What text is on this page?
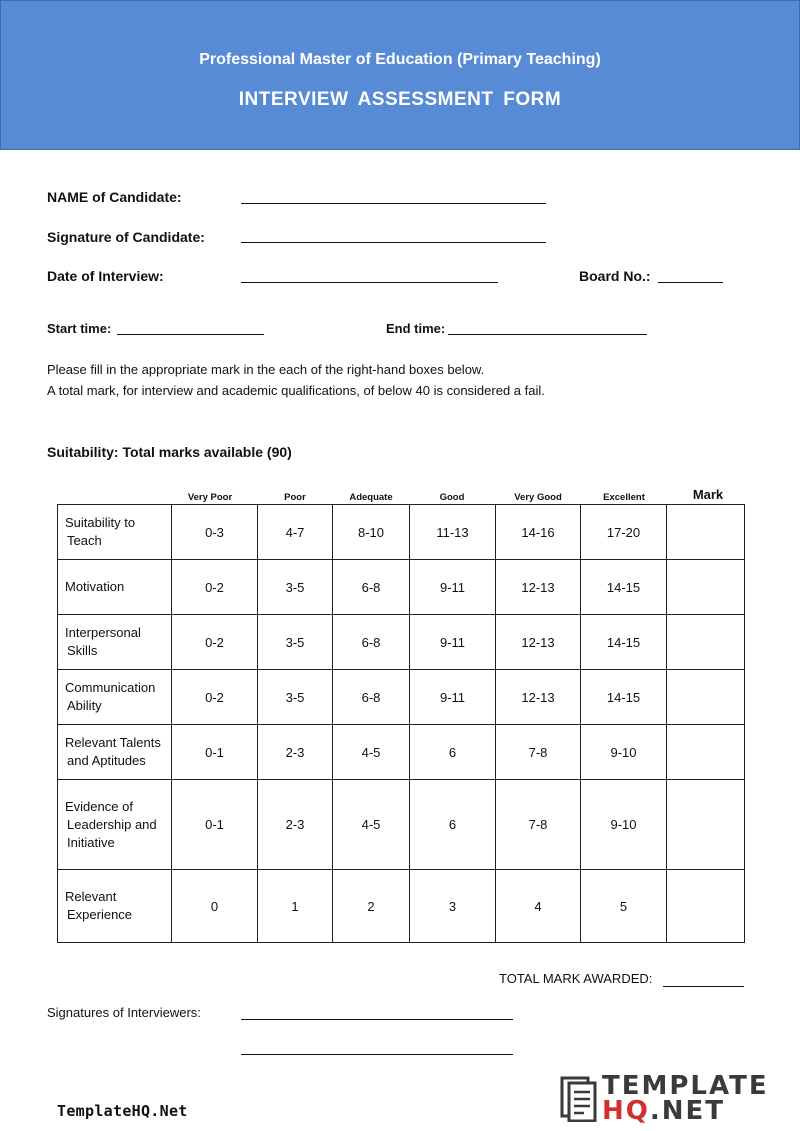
Professional Master of Education (Primary Teaching)
INTERVIEW ASSESSMENT FORM
NAME of Candidate:
Signature of Candidate:
Date of Interview:	Board No.:
Start time:	End time:
Please fill in the appropriate mark in the each of the right-hand boxes below.
A total mark, for interview and academic qualifications, of below 40 is considered a fail.
Suitability: Total marks available (90)
Very Poor	Poor	Adequate	Good	Very Good	Excellent	Mark
Suitability to
Teach	0-3	4-7	8-10	11-13	14-16	17-20	

Motivation	0-2	3-5	6-8	9-11	12-13	14-15	

Interpersonal
Skills	0-2	3-5	6-8	9-11	12-13	14-15	

Communication
Ability	0-2	3-5	6-8	9-11	12-13	14-15	

Relevant Talents
and Aptitudes	0-1	2-3	4-5	6	7-8	9-10	

Evidence of
Leadership and
Initiative	0-1	2-3	4-5	6	7-8	9-10	

Relevant
Experience	0	1	2	3	4	5	
TOTAL MARK AWARDED:
Signatures of Interviewers:
TemplateHQ.Net
TEMPLATE
HQ.NET
